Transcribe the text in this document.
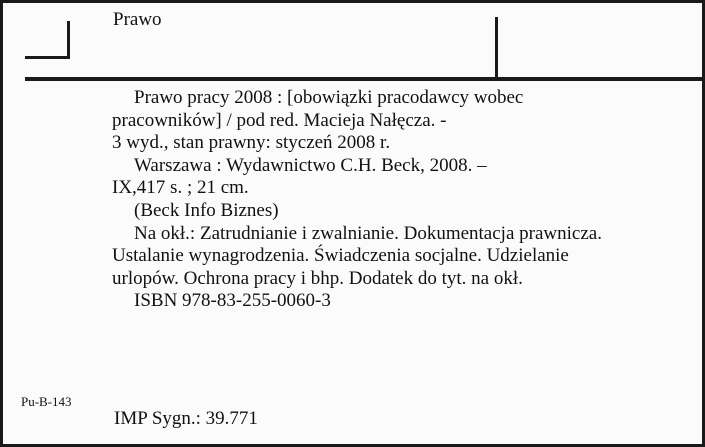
Prawo

Prawo pracy 2008 : [obowiązki pracodawcy wobec pracowników] / pod red. Macieja Nałęcza. -

3 wyd., stan prawny: styczeń 2008 r.

Warszawa : Wydawnictwo C.H. Beck, 2008. –

IX,417 s. ; 21 cm.

(Beck Info Biznes)

Na okł.: Zatrudnianie i zwalnianie. Dokumentacja prawnicza. Ustalanie wynagrodzenia. Świadczenia socjalne. Udzielanie urlopów. Ochrona pracy i bhp. Dodatek do tyt. na okł.

ISBN 978-83-255-0060-3

Pu-B-143
IMP Sygn.: 39.771
